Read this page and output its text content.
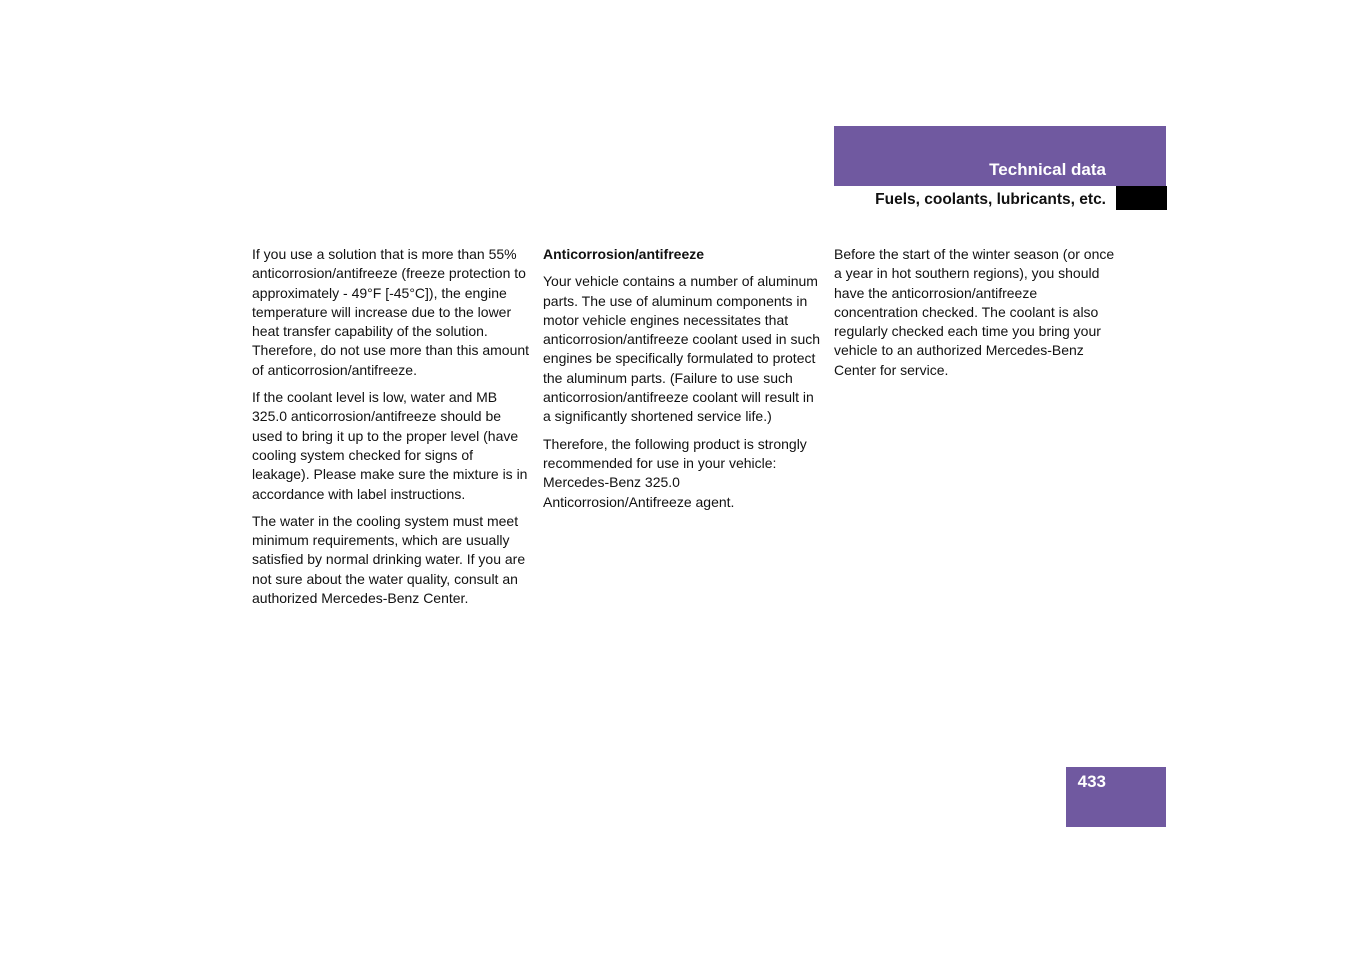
Technical data
Fuels, coolants, lubricants, etc.

If you use a solution that is more than 55% anticorrosion/antifreeze (freeze protection to approximately - 49°F [-45°C]), the engine temperature will increase due to the lower heat transfer capability of the solution. Therefore, do not use more than this amount of anticorrosion/antifreeze.

If the coolant level is low, water and MB 325.0 anticorrosion/antifreeze should be used to bring it up to the proper level (have cooling system checked for signs of leakage). Please make sure the mixture is in accordance with label instructions.

The water in the cooling system must meet minimum requirements, which are usually satisfied by normal drinking water. If you are not sure about the water quality, consult an authorized Mercedes-Benz Center.

Anticorrosion/antifreeze

Your vehicle contains a number of aluminum parts. The use of aluminum components in motor vehicle engines necessitates that anticorrosion/antifreeze coolant used in such engines be specifically formulated to protect the aluminum parts. (Failure to use such anticorrosion/antifreeze coolant will result in a significantly shortened service life.)

Therefore, the following product is strongly recommended for use in your vehicle: Mercedes-Benz 325.0 Anticorrosion/Antifreeze agent.

Before the start of the winter season (or once a year in hot southern regions), you should have the anticorrosion/antifreeze concentration checked. The coolant is also regularly checked each time you bring your vehicle to an authorized Mercedes-Benz Center for service.

433
